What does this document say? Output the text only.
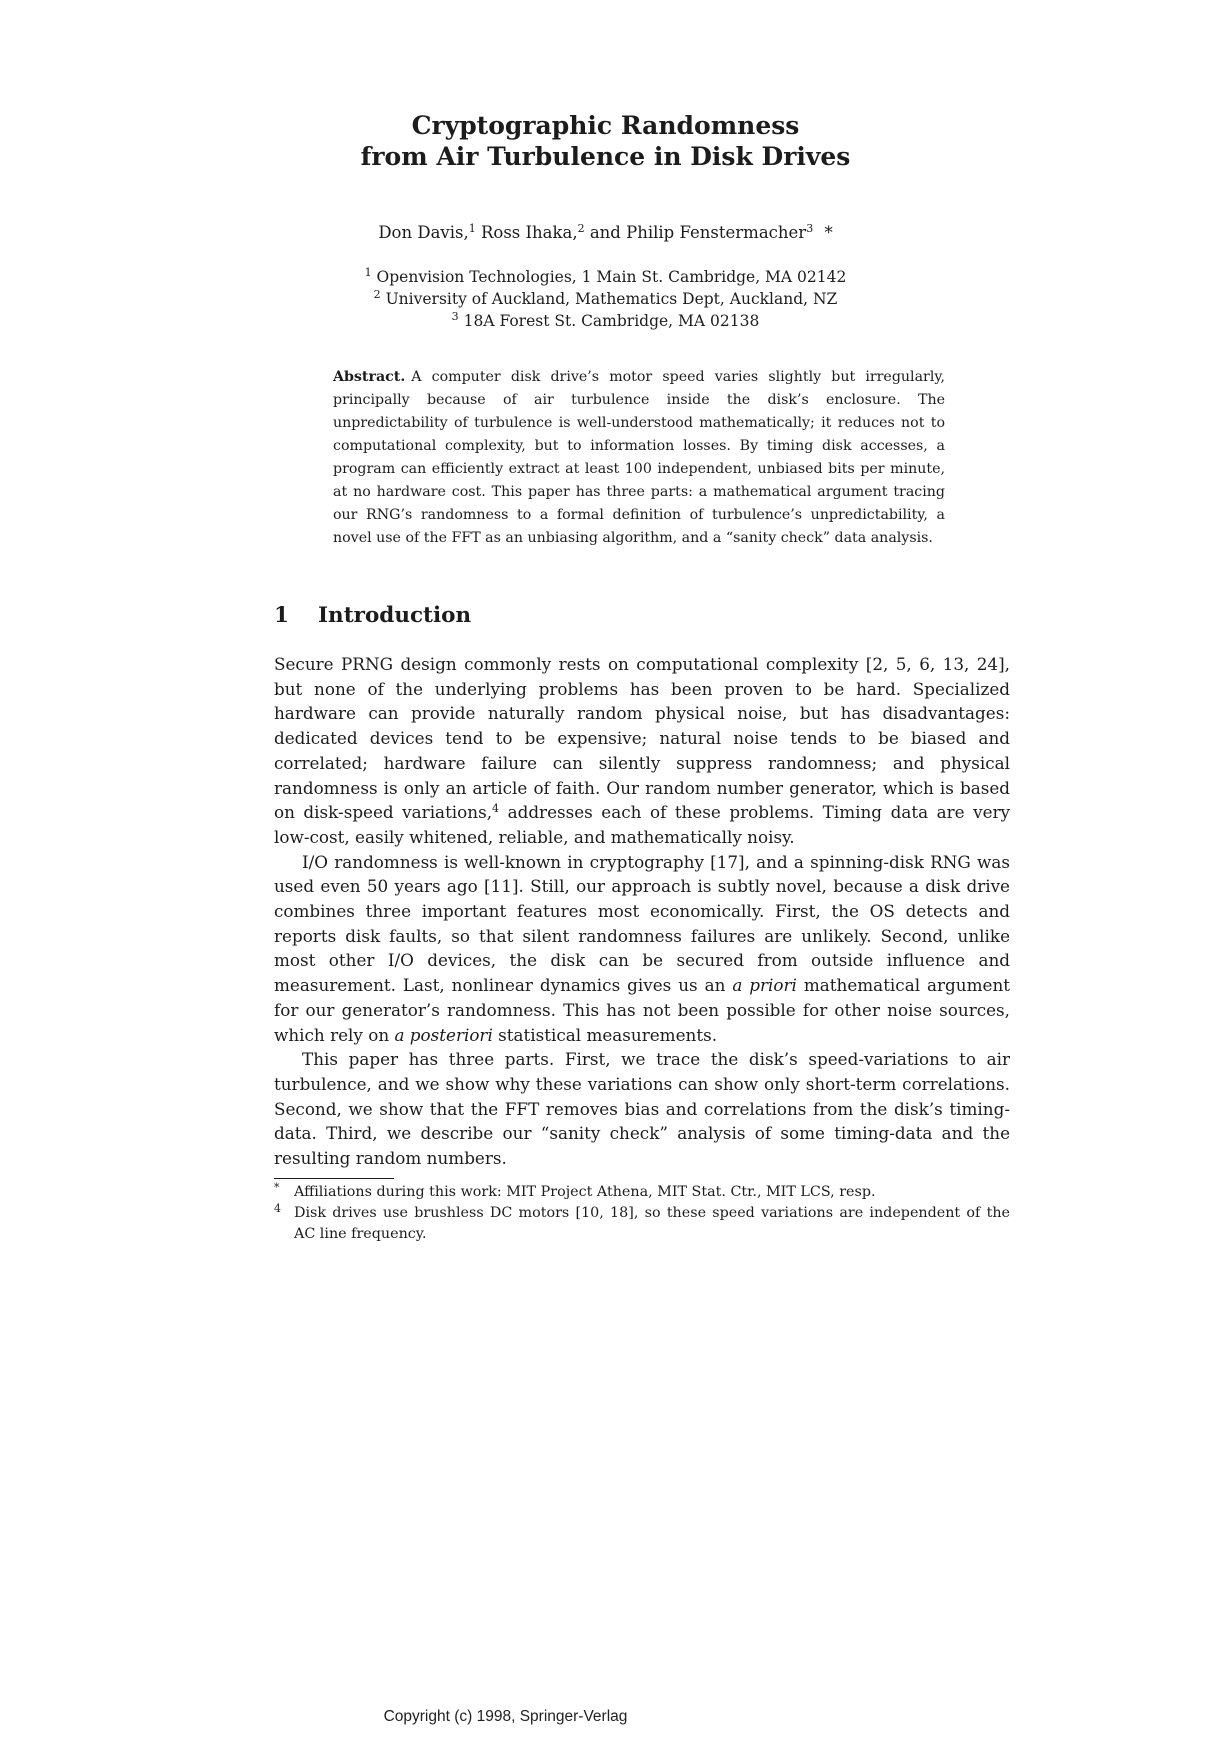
Cryptographic Randomness
from Air Turbulence in Disk Drives
Don Davis,$^1$ Ross Ihaka,$^2$ and Philip Fenstermacher$^3$ *
$^1$ Openvision Technologies, 1 Main St. Cambridge, MA 02142
$^2$ University of Auckland, Mathematics Dept, Auckland, NZ
$^3$ 18A Forest St. Cambridge, MA 02138
Abstract. A computer disk drive’s motor speed varies slightly but irregularly, principally because of air turbulence inside the disk’s enclosure. The unpredictability of turbulence is well-understood mathematically; it reduces not to computational complexity, but to information losses. By timing disk accesses, a program can efficiently extract at least 100 independent, unbiased bits per minute, at no hardware cost. This paper has three parts: a mathematical argument tracing our RNG’s randomness to a formal definition of turbulence’s unpredictability, a novel use of the FFT as an unbiasing algorithm, and a “sanity check” data analysis.
1 Introduction

Secure PRNG design commonly rests on computational complexity [2, 5, 6, 13, 24], but none of the underlying problems has been proven to be hard. Specialized hardware can provide naturally random physical noise, but has disadvantages: dedicated devices tend to be expensive; natural noise tends to be biased and correlated; hardware failure can silently suppress randomness; and physical randomness is only an article of faith. Our random number generator, which is based on disk-speed variations,$^4$ addresses each of these problems. Timing data are very low-cost, easily whitened, reliable, and mathematically noisy.

I/O randomness is well-known in cryptography [17], and a spinning-disk RNG was used even 50 years ago [11]. Still, our approach is subtly novel, because a disk drive combines three important features most economically. First, the OS detects and reports disk faults, so that silent randomness failures are unlikely. Second, unlike most other I/O devices, the disk can be secured from outside influence and measurement. Last, nonlinear dynamics gives us an a priori mathematical argument for our generator’s randomness. This has not been possible for other noise sources, which rely on a posteriori statistical measurements.

This paper has three parts. First, we trace the disk’s speed-variations to air turbulence, and we show why these variations can show only short-term correlations. Second, we show that the FFT removes bias and correlations from the disk’s timing-data. Third, we describe our “sanity check” analysis of some timing-data and the resulting random numbers.

* Affiliations during this work: MIT Project Athena, MIT Stat. Ctr., MIT LCS, resp.
4 Disk drives use brushless DC motors [10, 18], so these speed variations are independent of the AC line frequency.
Copyright (c) 1998, Springer-Verlag
